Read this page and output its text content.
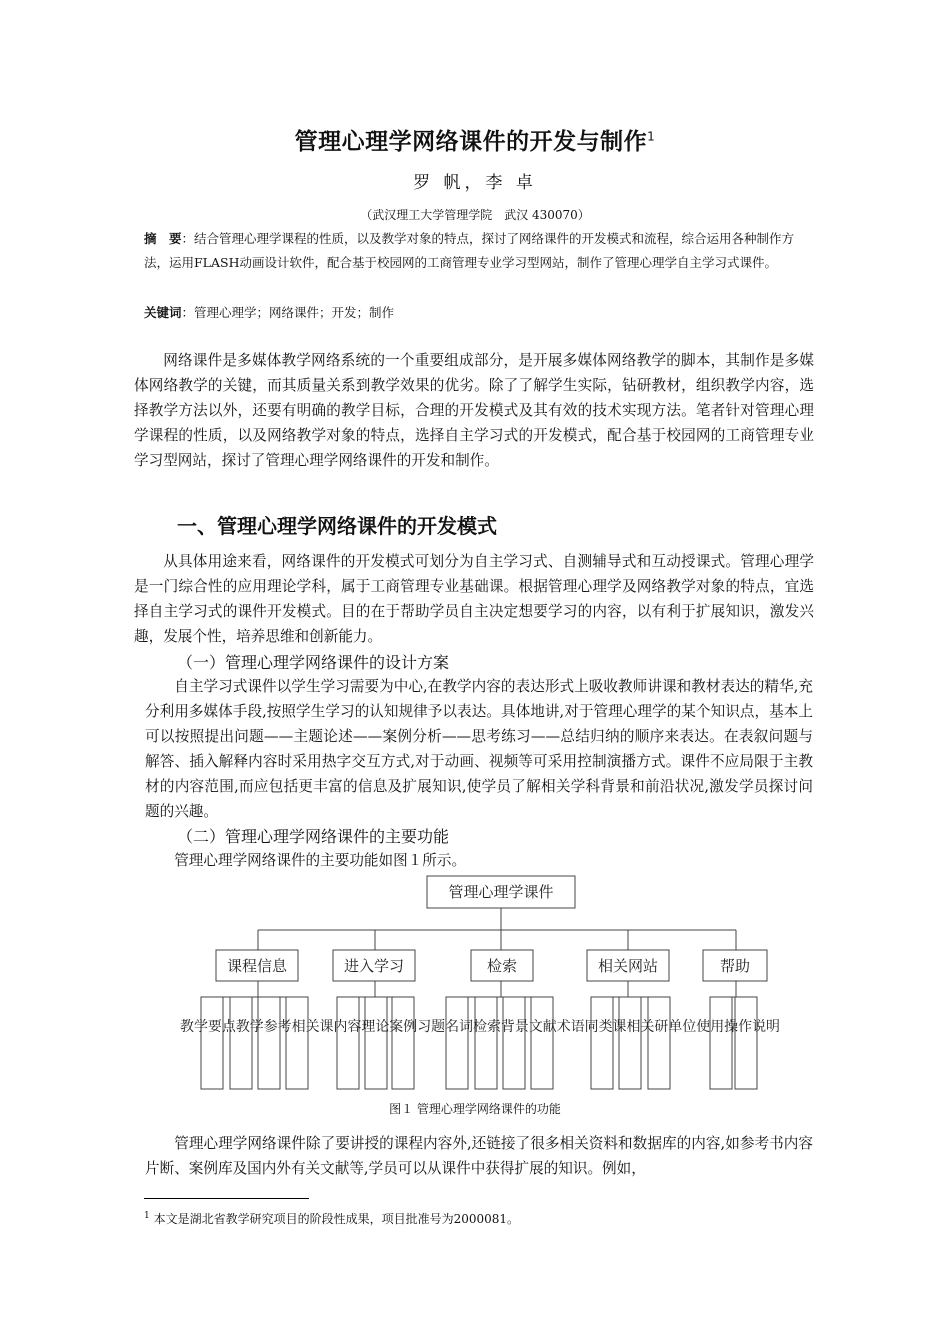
管理心理学网络课件的开发与制作$^1$
罗 帆，李 卓
（武汉理工大学管理学院　武汉 430070）
摘　要：结合管理心理学课程的性质，以及教学对象的特点，探讨了网络课件的开发模式和流程，综合运用各种制作方法，运用FLASH动画设计软件，配合基于校园网的工商管理专业学习型网站，制作了管理心理学自主学习式课件。
关键词：管理心理学；网络课件；开发；制作
网络课件是多媒体教学网络系统的一个重要组成部分，是开展多媒体网络教学的脚本，其制作是多媒体网络教学的关键，而其质量关系到教学效果的优劣。除了了解学生实际，钻研教材，组织教学内容，选择教学方法以外，还要有明确的教学目标，合理的开发模式及其有效的技术实现方法。笔者针对管理心理学课程的性质，以及网络教学对象的特点，选择自主学习式的开发模式，配合基于校园网的工商管理专业学习型网站，探讨了管理心理学网络课件的开发和制作。
一、管理心理学网络课件的开发模式
从具体用途来看，网络课件的开发模式可划分为自主学习式、自测辅导式和互动授课式。管理心理学是一门综合性的应用理论学科，属于工商管理专业基础课。根据管理心理学及网络教学对象的特点，宜选择自主学习式的课件开发模式。目的在于帮助学员自主决定想要学习的内容，以有利于扩展知识，激发兴趣，发展个性，培养思维和创新能力。
（一）管理心理学网络课件的设计方案
自主学习式课件以学生学习需要为中心,在教学内容的表达形式上吸收教师讲课和教材表达的精华,充分利用多媒体手段,按照学生学习的认知规律予以表达。具体地讲,对于管理心理学的某个知识点，基本上可以按照提出问题——主题论述——案例分析——思考练习——总结归纳的顺序来表达。在表叙问题与解答、插入解释内容时采用热字交互方式,对于动画、视频等可采用控制演播方式。课件不应局限于主教材的内容范围,而应包括更丰富的信息及扩展知识,使学员了解相关学科背景和前沿状况,激发学员探讨问题的兴趣。
（二）管理心理学网络课件的主要功能
管理心理学网络课件的主要功能如图１所示。
管理心理学课件
课程信息	进入学习	检索	相关网站	帮助
教学要点教学参考相关课内容理论案例习题名词检索背景文献术语同类课相关研单位使用操作说明
图１ 管理心理学网络课件的功能
管理心理学网络课件除了要讲授的课程内容外,还链接了很多相关资料和数据库的内容,如参考书内容片断、案例库及国内外有关文献等,学员可以从课件中获得扩展的知识。例如，
$^1$ 本文是湖北省教学研究项目的阶段性成果，项目批准号为2000081。
